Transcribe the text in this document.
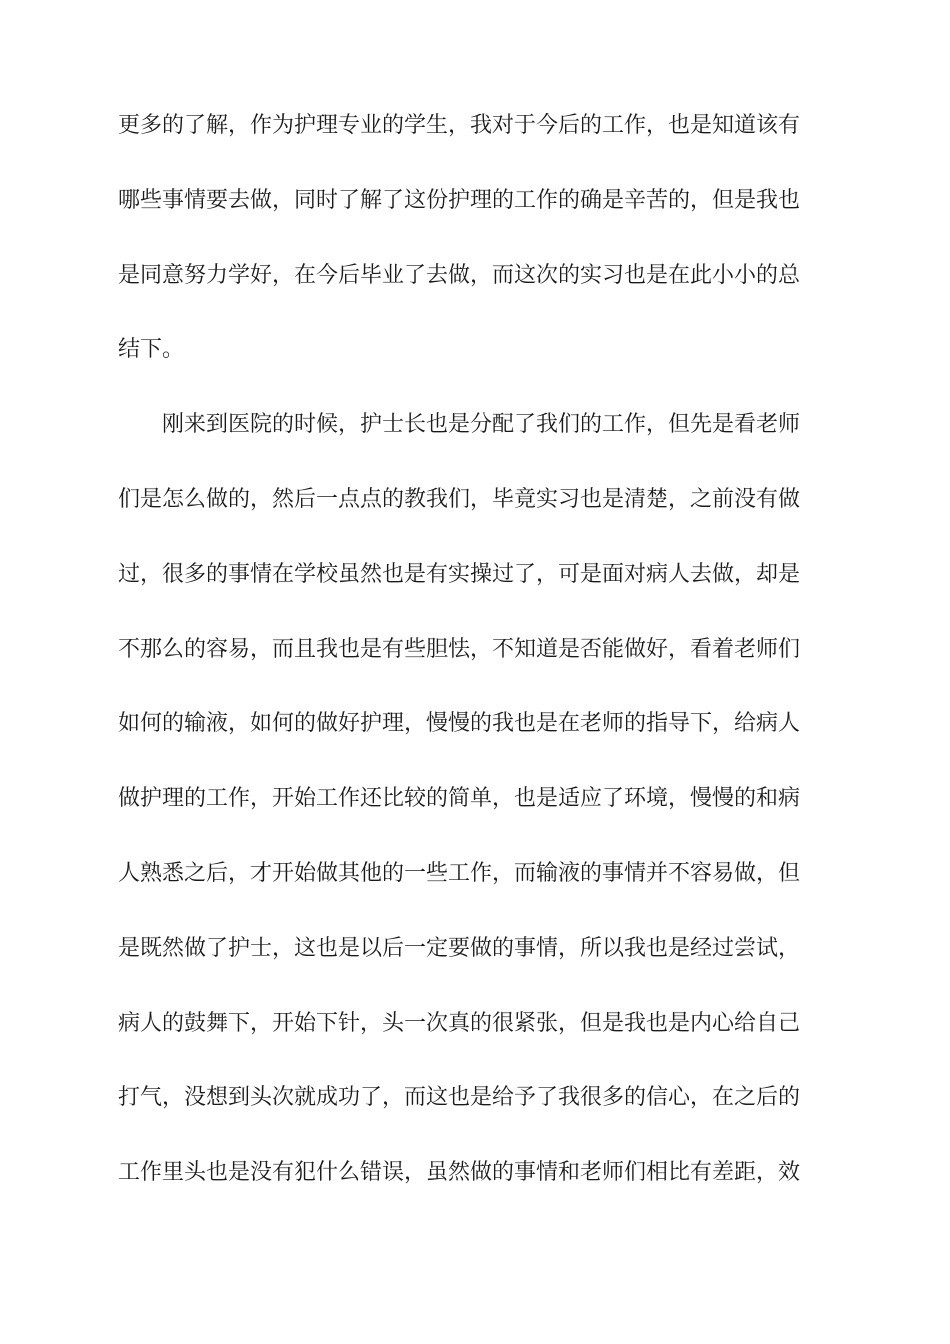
更多的了解，作为护理专业的学生，我对于今后的工作，也是知道该有
哪些事情要去做，同时了解了这份护理的工作的确是辛苦的，但是我也
是同意努力学好，在今后毕业了去做，而这次的实习也是在此小小的总
结下。
刚来到医院的时候，护士长也是分配了我们的工作，但先是看老师
们是怎么做的，然后一点点的教我们，毕竟实习也是清楚，之前没有做
过，很多的事情在学校虽然也是有实操过了，可是面对病人去做，却是
不那么的容易，而且我也是有些胆怯，不知道是否能做好，看着老师们
如何的输液，如何的做好护理，慢慢的我也是在老师的指导下，给病人
做护理的工作，开始工作还比较的简单，也是适应了环境，慢慢的和病
人熟悉之后，才开始做其他的一些工作，而输液的事情并不容易做，但
是既然做了护士，这也是以后一定要做的事情，所以我也是经过尝试，
病人的鼓舞下，开始下针，头一次真的很紧张，但是我也是内心给自己
打气，没想到头次就成功了，而这也是给予了我很多的信心，在之后的
工作里头也是没有犯什么错误，虽然做的事情和老师们相比有差距，效
